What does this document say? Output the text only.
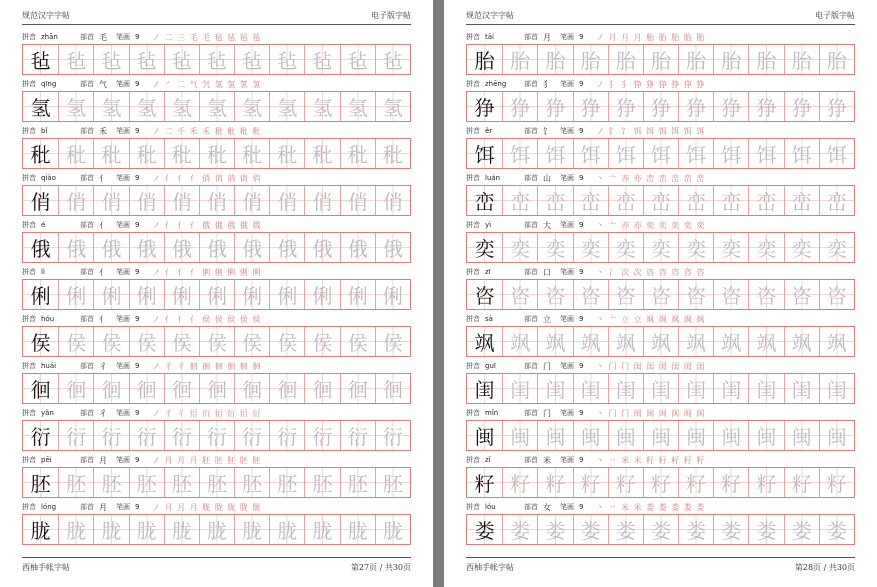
规范汉字字帖	电子版字帖
拼音 zhān	部首 毛	笔画 9	ノ 二 三 毛 毛 毡 毡 毡 毡
毡 毡 毡 毡 毡 毡 毡 毡 毡 毡 毡
拼音 qīng	部首 气	笔画 9	ノ ㇒ 二 气 氕 氢 氢 氢 氢
氢 氢 氢 氢 氢 氢 氢 氢 氢 氢 氢
拼音 bǐ	部首 禾	笔画 9	ノ 二 千 禾 禾 秕 秕 秕 秕
秕 秕 秕 秕 秕 秕 秕 秕 秕 秕 秕
拼音 qiào	部首 亻	笔画 9	ノ 亻 亻 亻 俏 俏 俏 俏 俏
俏 俏 俏 俏 俏 俏 俏 俏 俏 俏 俏
拼音 é	部首 亻	笔画 9	ノ 亻 亻 亻 俄 俄 俄 俄 俄
俄 俄 俄 俄 俄 俄 俄 俄 俄 俄 俄
拼音 lì	部首 亻	笔画 9	ノ 亻 亻 亻 俐 俐 俐 俐 俐
俐 俐 俐 俐 俐 俐 俐 俐 俐 俐 俐
拼音 hóu	部首 亻	笔画 9	ノ 亻 亻 亻 侯 侯 侯 侯 侯
侯 侯 侯 侯 侯 侯 侯 侯 侯 侯 侯
拼音 huái	部首 彳	笔画 9	ノ 彳 彳 徊 徊 徊 徊 徊 徊
徊 徊 徊 徊 徊 徊 徊 徊 徊 徊 徊
拼音 yǎn	部首 彳	笔画 9	ノ 彳 彳 衍 衍 衍 衍 衍 衍
衍 衍 衍 衍 衍 衍 衍 衍 衍 衍 衍
拼音 pēi	部首 月	笔画 9	ノ 月 月 月 胚 胚 胚 胚 胚
胚 胚 胚 胚 胚 胚 胚 胚 胚 胚 胚
拼音 lóng	部首 月	笔画 9	ノ 月 月 月 胧 胧 胧 胧 胧
胧 胧 胧 胧 胧 胧 胧 胧 胧 胧 胧
西柚手帐字帖	第27页 / 共30页
规范汉字字帖	电子版字帖
拼音 tāi	部首 月	笔画 9	ノ 月 月 月 胎 胎 胎 胎 胎
胎 胎 胎 胎 胎 胎 胎 胎 胎 胎 胎
拼音 zhēng	部首 犭	笔画 9	ノ 犭 犭 狰 狰 狰 狰 狰 狰
狰 狰 狰 狰 狰 狰 狰 狰 狰 狰 狰
拼音 ěr	部首 饣	笔画 9	ノ 饣 饣 饵 饵 饵 饵 饵 饵
饵 饵 饵 饵 饵 饵 饵 饵 饵 饵 饵
拼音 luán	部首 山	笔画 9	丶 亠 亦 亦 峦 峦 峦 峦 峦
峦 峦 峦 峦 峦 峦 峦 峦 峦 峦 峦
拼音 yì	部首 大	笔画 9	丶 亠 亦 亦 奕 奕 奕 奕 奕
奕 奕 奕 奕 奕 奕 奕 奕 奕 奕 奕
拼音 zī	部首 口	笔画 9	丶 冫 次 次 咨 咨 咨 咨 咨
咨 咨 咨 咨 咨 咨 咨 咨 咨 咨 咨
拼音 sà	部首 立	笔画 9	丶 亠 立 立 飒 飒 飒 飒 飒
飒 飒 飒 飒 飒 飒 飒 飒 飒 飒 飒
拼音 guī	部首 门	笔画 9	丶 门 门 闺 闺 闺 闺 闺 闺
闺 闺 闺 闺 闺 闺 闺 闺 闺 闺 闺
拼音 mǐn	部首 门	笔画 9	丶 门 门 闽 闽 闽 闽 闽 闽
闽 闽 闽 闽 闽 闽 闽 闽 闽 闽 闽
拼音 zǐ	部首 米	笔画 9	丶 丷 米 米 籽 籽 籽 籽 籽
籽 籽 籽 籽 籽 籽 籽 籽 籽 籽 籽
拼音 lóu	部首 女	笔画 9	丶 丷 米 米 娄 娄 娄 娄 娄
娄 娄 娄 娄 娄 娄 娄 娄 娄 娄 娄
西柚手帐字帖	第28页 / 共30页
